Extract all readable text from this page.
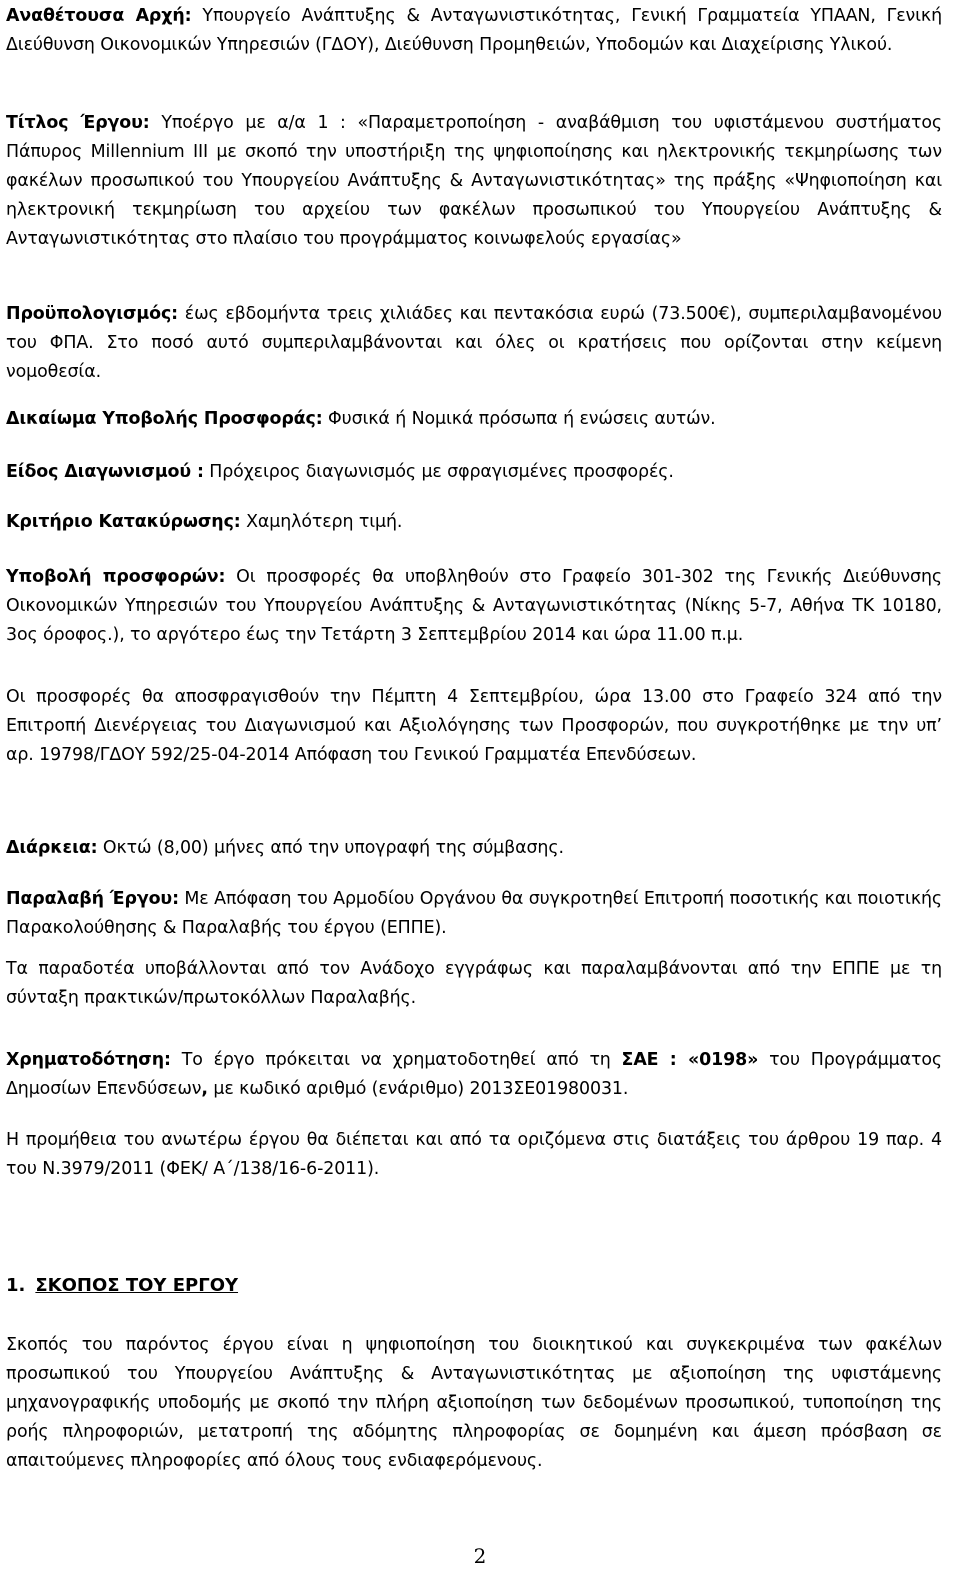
Αναθέτουσα Αρχή: Υπουργείο Ανάπτυξης & Ανταγωνιστικότητας, Γενική Γραμματεία ΥΠΑΑΝ, Γενική Διεύθυνση Οικονομικών Υπηρεσιών (ΓΔΟΥ), Διεύθυνση Προμηθειών, Υποδομών και Διαχείρισης Υλικού.
Τίτλος Έργου: Υποέργο με α/α 1 : «Παραμετροποίηση - αναβάθμιση του υφιστάμενου συστήματος Πάπυρος Millennium III με σκοπό την υποστήριξη της ψηφιοποίησης και ηλεκτρονικής τεκμηρίωσης των φακέλων προσωπικού του Υπουργείου Ανάπτυξης & Ανταγωνιστικότητας» της πράξης «Ψηφιοποίηση και ηλεκτρονική τεκμηρίωση του αρχείου των φακέλων προσωπικού του Υπουργείου Ανάπτυξης & Ανταγωνιστικότητας στο πλαίσιο του προγράμματος κοινωφελούς εργασίας»
Προϋπολογισμός: έως εβδομήντα τρεις χιλιάδες και πεντακόσια ευρώ (73.500€), συμπεριλαμβανομένου του ΦΠΑ. Στο ποσό αυτό συμπεριλαμβάνονται και όλες οι κρατήσεις που ορίζονται στην κείμενη νομοθεσία.
Δικαίωμα Υποβολής Προσφοράς: Φυσικά ή Νομικά πρόσωπα ή ενώσεις αυτών.
Είδος Διαγωνισμού : Πρόχειρος διαγωνισμός με σφραγισμένες προσφορές.
Κριτήριο Κατακύρωσης: Χαμηλότερη τιμή.
Υποβολή προσφορών: Οι προσφορές θα υποβληθούν στο Γραφείο 301-302 της Γενικής Διεύθυνσης Οικονομικών Υπηρεσιών του Υπουργείου Ανάπτυξης & Ανταγωνιστικότητας (Νίκης 5-7, Αθήνα ΤΚ 10180, 3ος όροφος.), το αργότερο έως την Τετάρτη 3 Σεπτεμβρίου 2014 και ώρα 11.00 π.μ.
Οι προσφορές θα αποσφραγισθούν την Πέμπτη 4 Σεπτεμβρίου, ώρα 13.00 στο Γραφείο 324 από την Επιτροπή Διενέργειας του Διαγωνισμού και Αξιολόγησης των Προσφορών, που συγκροτήθηκε με την υπ’ αρ. 19798/ΓΔΟΥ 592/25-04-2014 Απόφαση του Γενικού Γραμματέα Επενδύσεων.
Διάρκεια: Οκτώ (8,00) μήνες από την υπογραφή της σύμβασης.
Παραλαβή Έργου: Με Απόφαση του Αρμοδίου Οργάνου θα συγκροτηθεί Επιτροπή ποσοτικής και ποιοτικής Παρακολούθησης & Παραλαβής του έργου (ΕΠΠΕ).
Τα παραδοτέα υποβάλλονται από τον Ανάδοχο εγγράφως και παραλαμβάνονται από την ΕΠΠΕ με τη σύνταξη πρακτικών/πρωτοκόλλων Παραλαβής.
Χρηματοδότηση: Το έργο πρόκειται να χρηματοδοτηθεί από τη ΣΑΕ : «0198» του Προγράμματος Δημοσίων Επενδύσεων, με κωδικό αριθμό (ενάριθμο) 2013ΣΕ01980031.
Η προμήθεια του ανωτέρω έργου θα διέπεται και από τα οριζόμενα στις διατάξεις του άρθρου 19 παρ. 4 του Ν.3979/2011 (ΦΕΚ/ Α΄/138/16-6-2011).
1. ΣΚΟΠΟΣ ΤΟΥ ΕΡΓΟΥ
Σκοπός του παρόντος έργου είναι η ψηφιοποίηση του διοικητικού και συγκεκριμένα των φακέλων προσωπικού του Υπουργείου Ανάπτυξης & Ανταγωνιστικότητας με αξιοποίηση της υφιστάμενης μηχανογραφικής υποδομής με σκοπό την πλήρη αξιοποίηση των δεδομένων προσωπικού, τυποποίηση της ροής πληροφοριών, μετατροπή της αδόμητης πληροφορίας σε δομημένη και άμεση πρόσβαση σε απαιτούμενες πληροφορίες από όλους τους ενδιαφερόμενους.
2
